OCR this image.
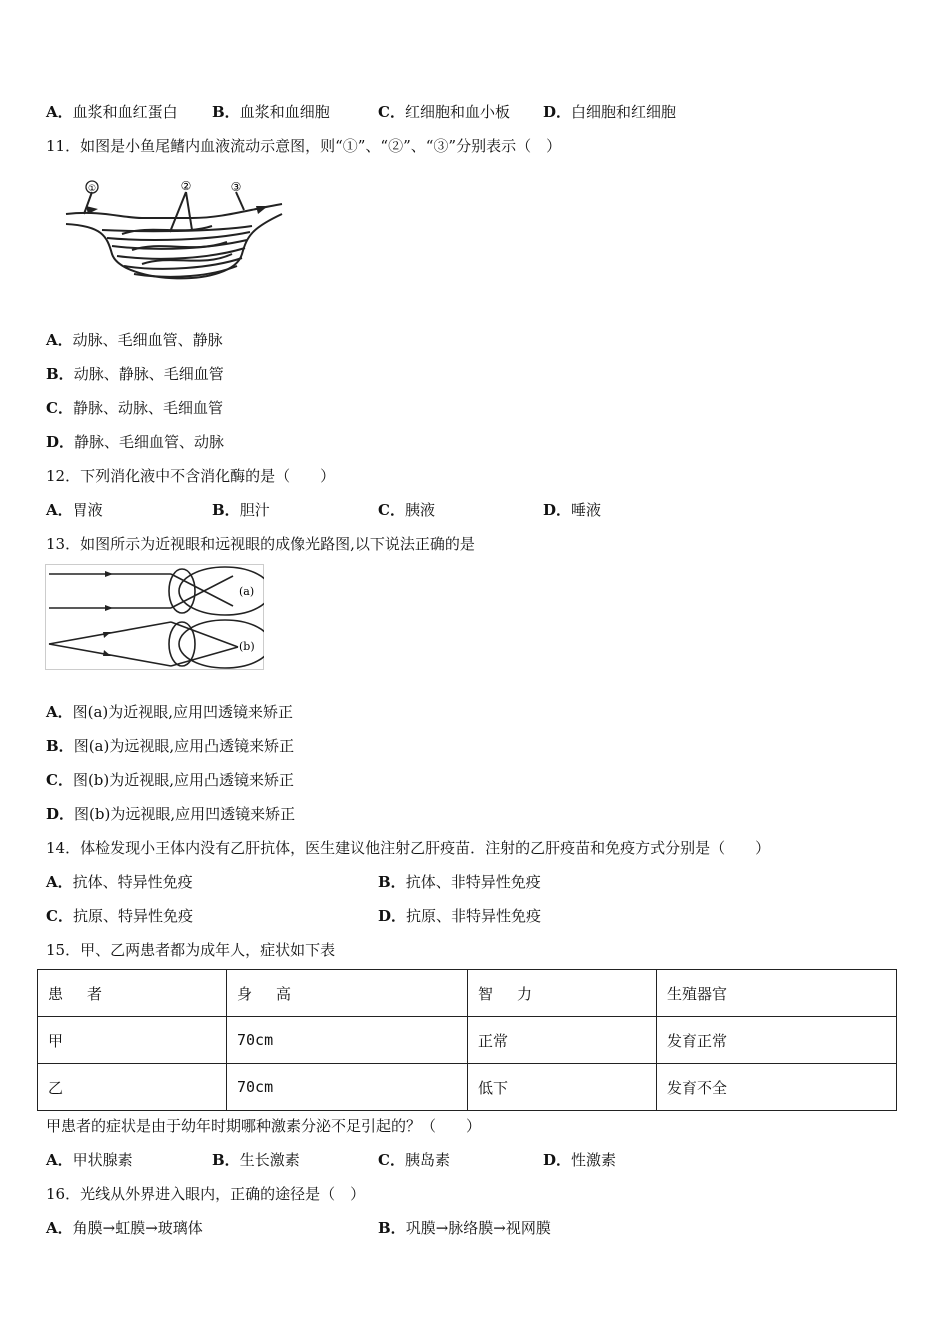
A．血浆和血红蛋白 B．血浆和血细胞	C．红细胞和血小板 D．白细胞和红细胞
11．如图是小鱼尾鳍内血液流动示意图，则“①”、“②”、“③”分别表示（　）
①	②	③
A．动脉、毛细血管、静脉
B．动脉、静脉、毛细血管
C．静脉、动脉、毛细血管
D．静脉、毛细血管、动脉
12．下列消化液中不含消化酶的是（　　）
A．胃液	B．胆汁	C．胰液	D．唾液
13．如图所示为近视眼和远视眼的成像光路图,以下说法正确的是
(a)
(b)
A．图(a)为近视眼,应用凹透镜来矫正
B．图(a)为远视眼,应用凸透镜来矫正
C．图(b)为近视眼,应用凸透镜来矫正
D．图(b)为远视眼,应用凹透镜来矫正
14．体检发现小王体内没有乙肝抗体，医生建议他注射乙肝疫苗．注射的乙肝疫苗和免疫方式分别是（　　）
A．抗体、特异性免疫	B．抗体、非特异性免疫
C．抗原、特异性免疫	D．抗原、非特异性免疫
15．甲、乙两患者都为成年人，症状如下表
患　 者	身　 高	智　 力	生殖器官
甲	70cm	正常	发育正常
乙	70cm	低下	发育不全
甲患者的症状是由于幼年时期哪种激素分泌不足引起的？（　　）
A．甲状腺素	B．生长激素	C．胰岛素	D．性激素
16．光线从外界进入眼内，正确的途径是（　）
A．角膜→虹膜→玻璃体	B．巩膜→脉络膜→视网膜
